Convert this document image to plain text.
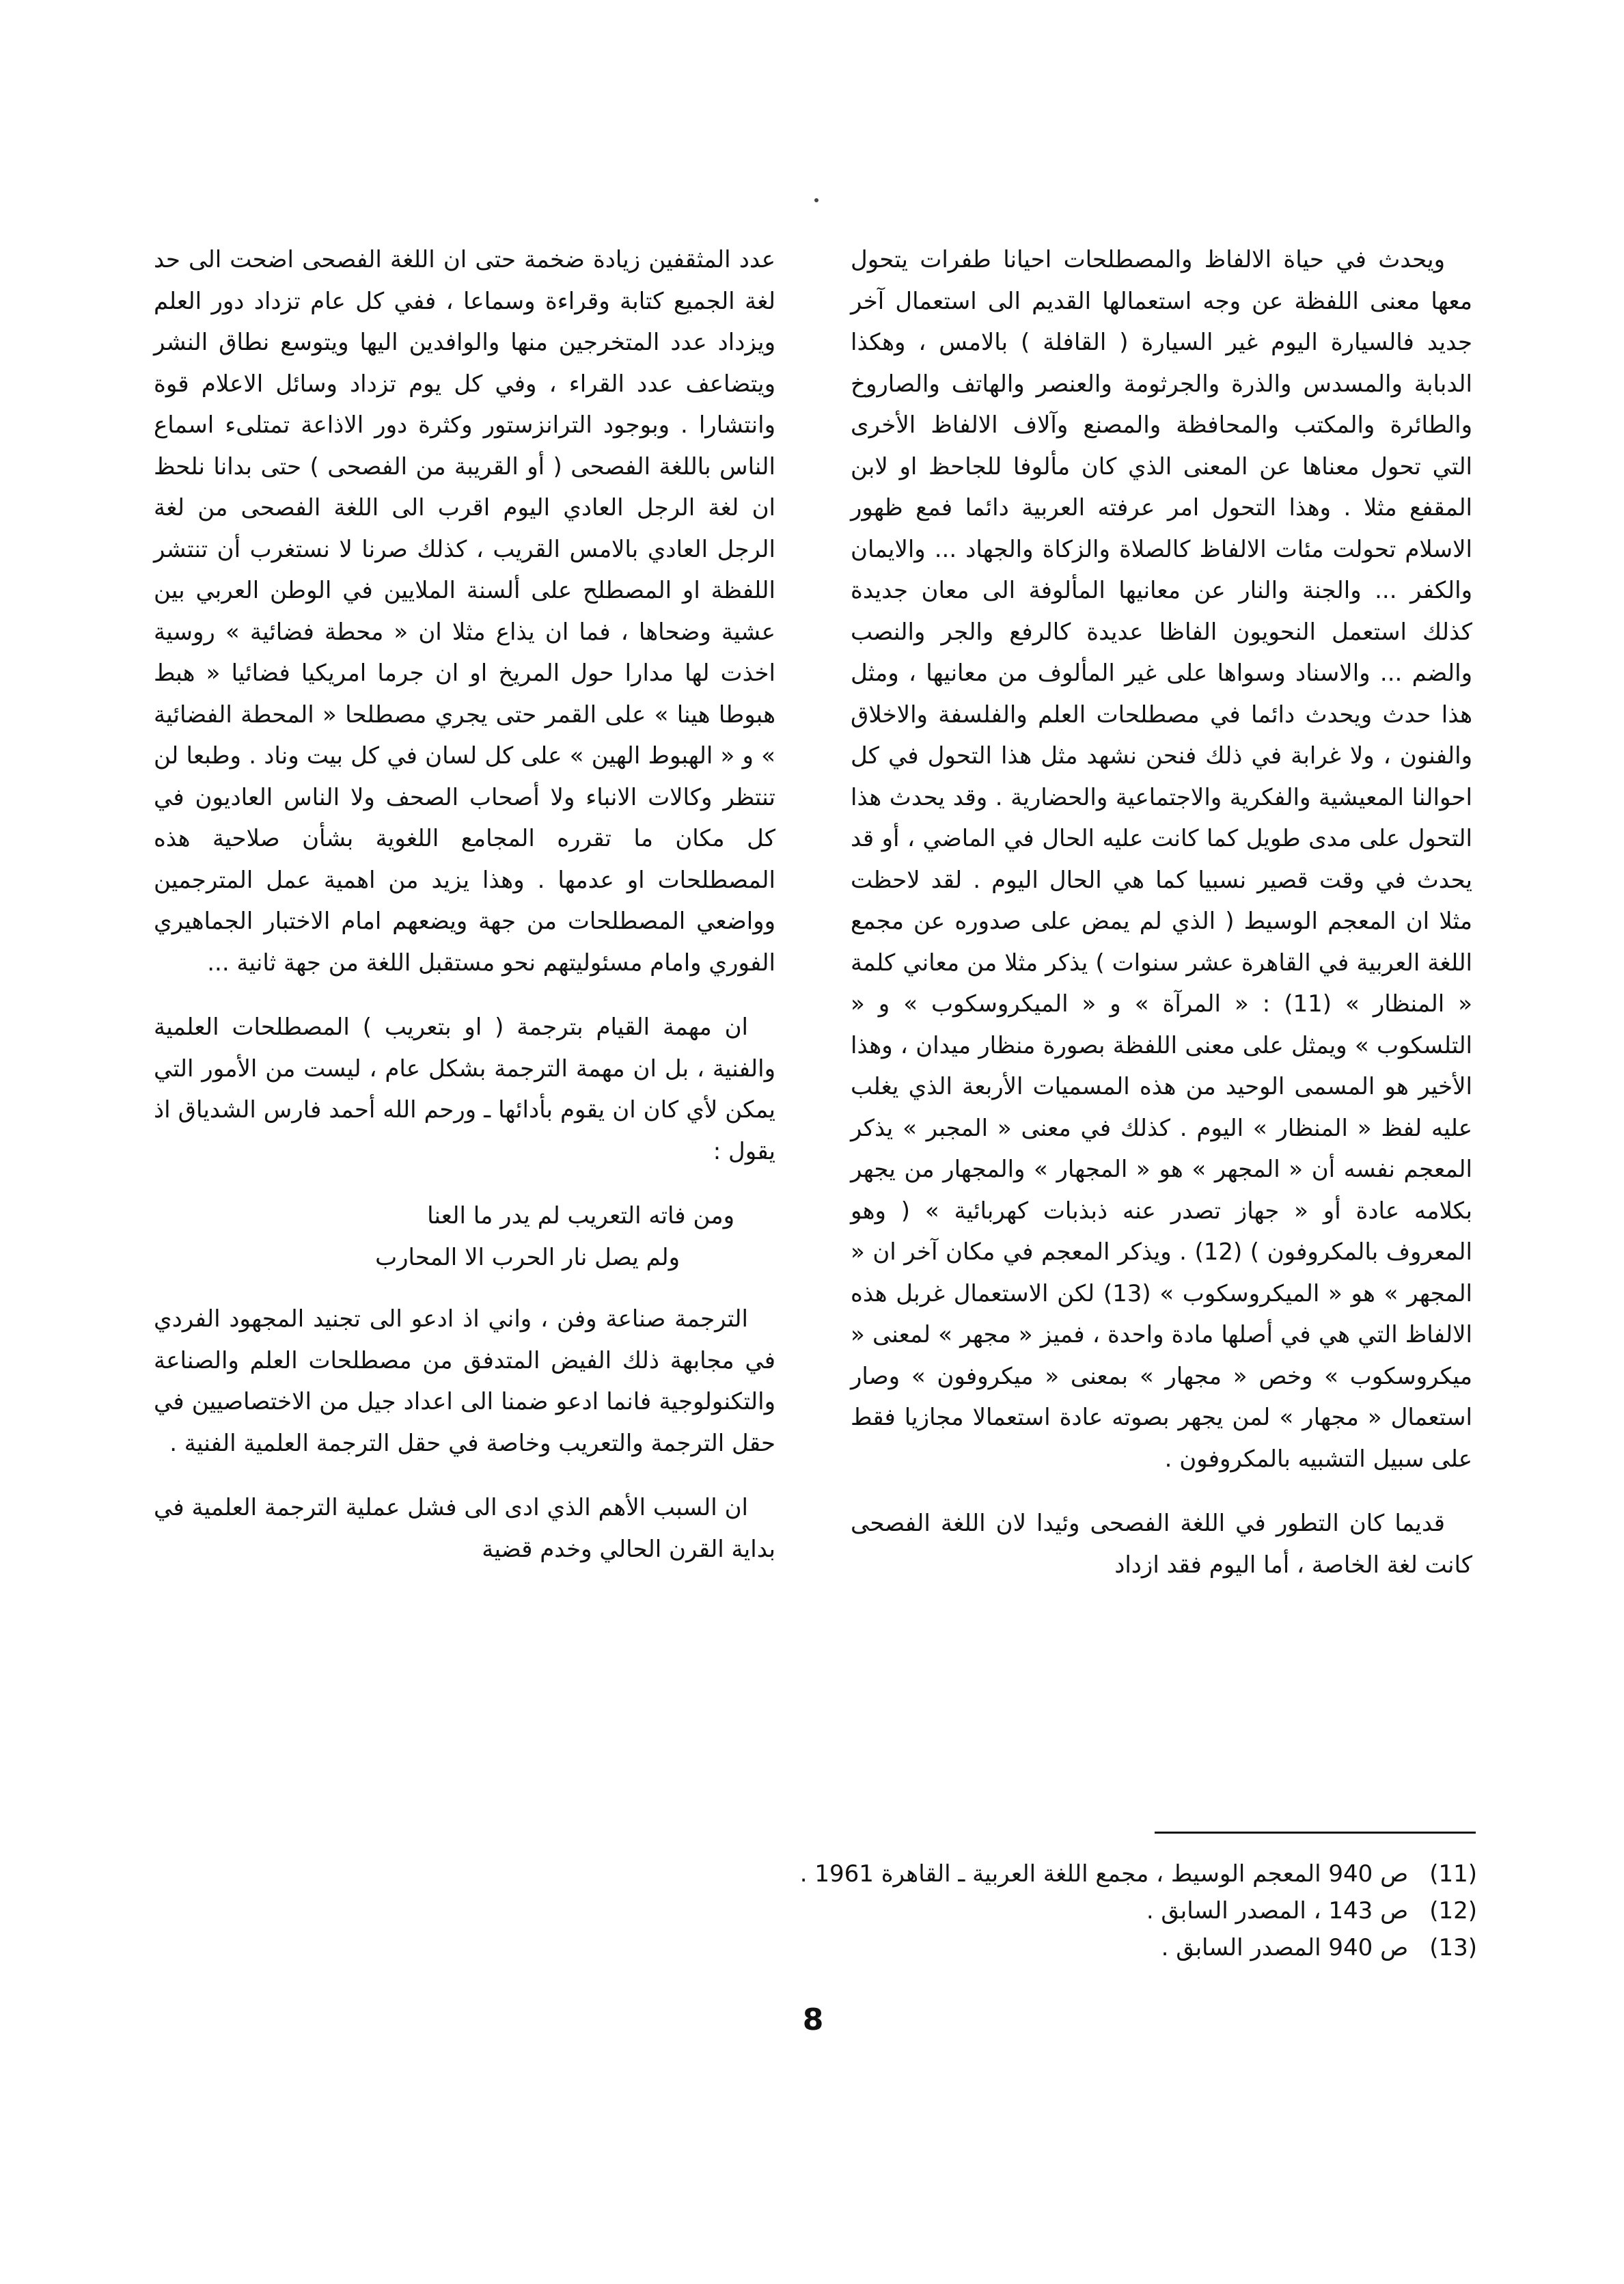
ويحدث في حياة الالفاظ والمصطلحات احيانا طفرات يتحول معها معنى اللفظة عن وجه استعمالها القديم الى استعمال آخر جديد فالسيارة اليوم غير السيارة ( القافلة ) بالامس ، وهكذا الدبابة والمسدس والذرة والجرثومة والعنصر والهاتف والصاروخ والطائرة والمكتب والمحافظة والمصنع وآلاف الالفاظ الأخرى التي تحول معناها عن المعنى الذي كان مألوفا للجاحظ او لابن المقفع مثلا . وهذا التحول امر عرفته العربية دائما فمع ظهور الاسلام تحولت مئات الالفاظ كالصلاة والزكاة والجهاد ... والايمان والكفر ... والجنة والنار عن معانيها المألوفة الى معان جديدة كذلك استعمل النحويون الفاظا عديدة كالرفع والجر والنصب والضم ... والاسناد وسواها على غير المألوف من معانيها ، ومثل هذا حدث ويحدث دائما في مصطلحات العلم والفلسفة والاخلاق والفنون ، ولا غرابة في ذلك فنحن نشهد مثل هذا التحول في كل احوالنا المعيشية والفكرية والاجتماعية والحضارية . وقد يحدث هذا التحول على مدى طويل كما كانت عليه الحال في الماضي ، أو قد يحدث في وقت قصير نسبيا كما هي الحال اليوم . لقد لاحظت مثلا ان المعجم الوسيط ( الذي لم يمض على صدوره عن مجمع اللغة العربية في القاهرة عشر سنوات ) يذكر مثلا من معاني كلمة « المنظار » (11) : « المرآة » و « الميكروسكوب » و « التلسكوب » ويمثل على معنى اللفظة بصورة منظار ميدان ، وهذا الأخير هو المسمى الوحيد من هذه المسميات الأربعة الذي يغلب عليه لفظ « المنظار » اليوم . كذلك في معنى « المجبر » يذكر المعجم نفسه أن « المجهر » هو « المجهار » والمجهار من يجهر بكلامه عادة أو « جهاز تصدر عنه ذبذبات كهربائية » ( وهو المعروف بالمكروفون ) (12) . ويذكر المعجم في مكان آخر ان « المجهر » هو « الميكروسكوب » (13) لكن الاستعمال غربل هذه الالفاظ التي هي في أصلها مادة واحدة ، فميز « مجهر » لمعنى « ميكروسكوب » وخص « مجهار » بمعنى « ميكروفون » وصار استعمال « مجهار » لمن يجهر بصوته عادة استعمالا مجازيا فقط على سبيل التشبيه بالمكروفون .

قديما كان التطور في اللغة الفصحى وئيدا لان اللغة الفصحى كانت لغة الخاصة ، أما اليوم فقد ازداد

عدد المثقفين زيادة ضخمة حتى ان اللغة الفصحى اضحت الى حد لغة الجميع كتابة وقراءة وسماعا ، ففي كل عام تزداد دور العلم ويزداد عدد المتخرجين منها والوافدين اليها ويتوسع نطاق النشر ويتضاعف عدد القراء ، وفي كل يوم تزداد وسائل الاعلام قوة وانتشارا . وبوجود الترانزستور وكثرة دور الاذاعة تمتلىء اسماع الناس باللغة الفصحى ( أو القريبة من الفصحى ) حتى بدانا نلحظ ان لغة الرجل العادي اليوم اقرب الى اللغة الفصحى من لغة الرجل العادي بالامس القريب ، كذلك صرنا لا نستغرب أن تنتشر اللفظة او المصطلح على ألسنة الملايين في الوطن العربي بين عشية وضحاها ، فما ان يذاع مثلا ان « محطة فضائية » روسية اخذت لها مدارا حول المريخ او ان جرما امريكيا فضائيا « هبط هبوطا هينا » على القمر حتى يجري مصطلحا « المحطة الفضائية » و « الهبوط الهين » على كل لسان في كل بيت وناد . وطبعا لن تنتظر وكالات الانباء ولا أصحاب الصحف ولا الناس العاديون في كل مكان ما تقرره المجامع اللغوية بشأن صلاحية هذه المصطلحات او عدمها . وهذا يزيد من اهمية عمل المترجمين وواضعي المصطلحات من جهة ويضعهم امام الاختبار الجماهيري الفوري وامام مسئوليتهم نحو مستقبل اللغة من جهة ثانية ...

ان مهمة القيام بترجمة ( او بتعريب ) المصطلحات العلمية والفنية ، بل ان مهمة الترجمة بشكل عام ، ليست من الأمور التي يمكن لأي كان ان يقوم بأدائها ـ ورحم الله أحمد فارس الشدياق اذ يقول :

ومن فاته التعريب لم يدر ما العنا
ولم يصل نار الحرب الا المحارب

الترجمة صناعة وفن ، واني اذ ادعو الى تجنيد المجهود الفردي في مجابهة ذلك الفيض المتدفق من مصطلحات العلم والصناعة والتكنولوجية فانما ادعو ضمنا الى اعداد جيل من الاختصاصيين في حقل الترجمة والتعريب وخاصة في حقل الترجمة العلمية الفنية .

ان السبب الأهم الذي ادى الى فشل عملية الترجمة العلمية في بداية القرن الحالي وخدم قضية

(11) ص 940 المعجم الوسيط ، مجمع اللغة العربية ـ القاهرة 1961 .
(12) ص 143 ، المصدر السابق .
(13) ص 940 المصدر السابق .
8
